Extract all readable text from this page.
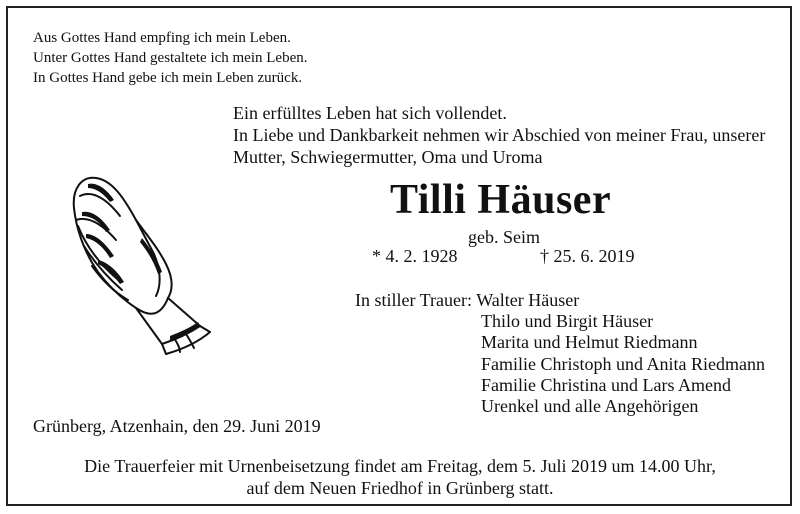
Aus Gottes Hand empfing ich mein Leben.
Unter Gottes Hand gestaltete ich mein Leben.
In Gottes Hand gebe ich mein Leben zurück.
Ein erfülltes Leben hat sich vollendet.
In Liebe und Dankbarkeit nehmen wir Abschied von meiner Frau, unserer
Mutter, Schwiegermutter, Oma und Uroma
Tilli Häuser
geb. Seim
* 4. 2. 1928	† 25. 6. 2019
In stiller Trauer: Walter Häuser
Thilo und Birgit Häuser
Marita und Helmut Riedmann
Familie Christoph und Anita Riedmann
Familie Christina und Lars Amend
Urenkel und alle Angehörigen
Grünberg, Atzenhain, den 29. Juni 2019
Die Trauerfeier mit Urnenbeisetzung findet am Freitag, dem 5. Juli 2019 um 14.00 Uhr,
auf dem Neuen Friedhof in Grünberg statt.
